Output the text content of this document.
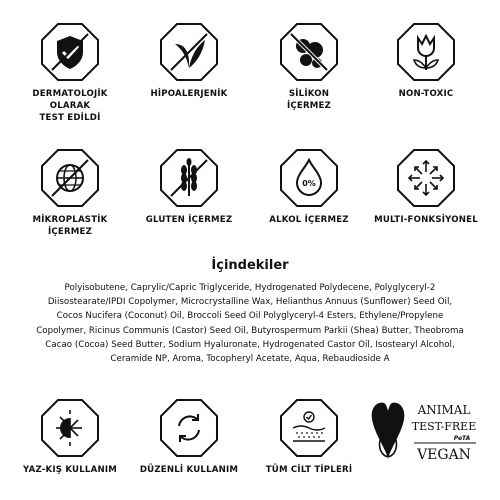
DERMATOLOJİK OLARAK
TEST EDİLDİ
HİPOALERJENİK	SİLİKON
İÇERMEZ
NON-TOXIC
MİKROPLASTİK
İÇERMEZ
GLUTEN İÇERMEZ
0%
ALKOL İÇERMEZ	MULTI-FONKSİYONEL
İçindekiler
Polyisobutene, Caprylic/Capric Triglyceride, Hydrogenated Polydecene, Polyglyceryl-2 Diisostearate/IPDI Copolymer, Microcrystalline Wax, Helianthus Annuus (Sunflower) Seed Oil, Cocos Nucifera (Coconut) Oil, Broccoli Seed Oil Polyglyceryl-4 Esters, Ethylene/Propylene Copolymer, Ricinus Communis (Castor) Seed Oil, Butyrospermum Parkii (Shea) Butter, Theobroma Cacao (Cocoa) Seed Butter, Sodium Hyaluronate, Hydrogenated Castor Oil, Isostearyl Alcohol, Ceramide NP, Aroma, Tocopheryl Acetate, Aqua, Rebaudioside A
YAZ-KIŞ KULLANIM	DÜZENLİ KULLANIM	TÜM CİLT TİPLERİ
ANIMAL
TEST-FREE
PeTA
VEGAN
